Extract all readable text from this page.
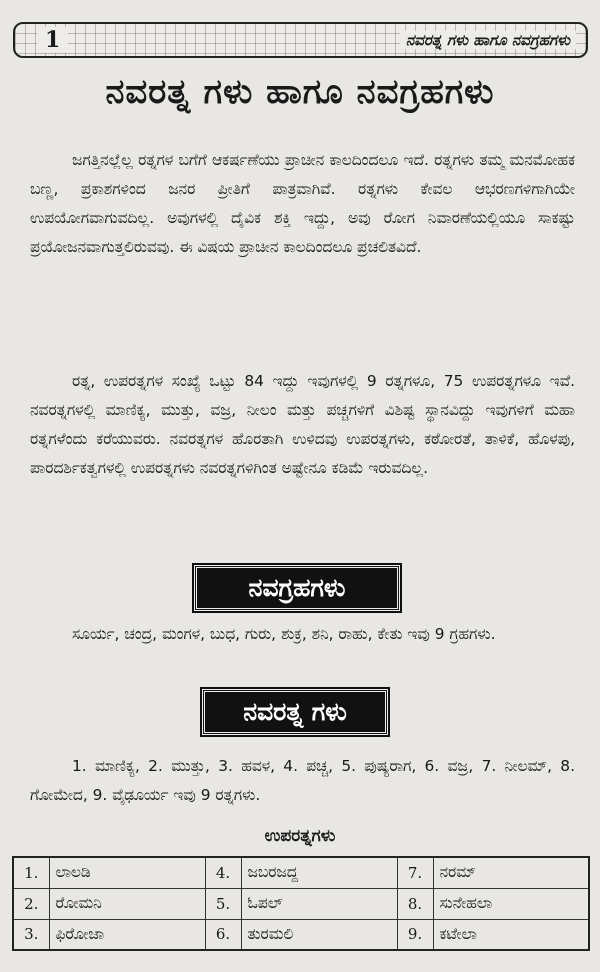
1	ನವರತ್ನ ಗಳು ಹಾಗೂ ನವಗ್ರಹಗಳು
ನವರತ್ನ ಗಳು ಹಾಗೂ ನವಗ್ರಹಗಳು

ಜಗತ್ತಿನಲ್ಲೆಲ್ಲ ರತ್ನಗಳ ಬಗೆಗೆ ಆಕರ್ಷಣೆಯು ಪ್ರಾಚೀನ ಕಾಲದಿಂದಲೂ ಇದೆ. ರತ್ನಗಳು ತಮ್ಮ ಮನಮೋಹಕ ಬಣ್ಣ, ಪ್ರಕಾಶಗಳಿಂದ ಜನರ ಪ್ರೀತಿಗೆ ಪಾತ್ರವಾಗಿವೆ. ರತ್ನಗಳು ಕೇವಲ ಆಭರಣಗಳಿಗಾಗಿಯೇ ಉಪಯೋಗವಾಗುವದಿಲ್ಲ. ಅವುಗಳಲ್ಲಿ ದೈವಿಕ ಶಕ್ತಿ ಇದ್ದು, ಅವು ರೋಗ ನಿವಾರಣೆಯಲ್ಲಿಯೂ ಸಾಕಷ್ಟು ಪ್ರಯೋಜನವಾಗುತ್ತಲಿರುವವು. ಈ ವಿಷಯ ಪ್ರಾಚೀನ ಕಾಲದಿಂದಲೂ ಪ್ರಚಲಿತವಿದೆ.

ರತ್ನ, ಉಪರತ್ನಗಳ ಸಂಖ್ಯೆ ಒಟ್ಟು 84 ಇದ್ದು ಇವುಗಳಲ್ಲಿ 9 ರತ್ನಗಳೂ, 75 ಉಪರತ್ನಗಳೂ ಇವೆ. ನವರತ್ನಗಳಲ್ಲಿ ಮಾಣಿಕ್ಯ, ಮುತ್ತು, ವಜ್ರ, ನೀಲಂ ಮತ್ತು ಪಚ್ಚಗಳಿಗೆ ವಿಶಿಷ್ಟ ಸ್ಥಾನವಿದ್ದು ಇವುಗಳಿಗೆ ಮಹಾ ರತ್ನಗಳೆಂದು ಕರೆಯುವರು. ನವರತ್ನಗಳ ಹೊರತಾಗಿ ಉಳಿದವು ಉಪರತ್ನಗಳು, ಕಠೋರತೆ, ತಾಳಿಕೆ, ಹೊಳಪು, ಪಾರದರ್ಶಿಕತ್ವಗಳಲ್ಲಿ ಉಪರತ್ನಗಳು ನವರತ್ನಗಳಿಗಿಂತ ಅಷ್ಟೇನೂ ಕಡಿಮೆ ಇರುವದಿಲ್ಲ.

ನವಗ್ರಹಗಳು

ಸೂರ್ಯ, ಚಂದ್ರ, ಮಂಗಳ, ಬುಧ, ಗುರು, ಶುಕ್ರ, ಶನಿ, ರಾಹು, ಕೇತು ಇವು 9 ಗ್ರಹಗಳು.

ನವರತ್ನ ಗಳು

1. ಮಾಣಿಕ್ಯ, 2. ಮುತ್ತು, 3. ಹವಳ, 4. ಪಚ್ಚ, 5. ಪುಷ್ಯರಾಗ, 6. ವಜ್ರ, 7. ನೀಲಮ್, 8. ಗೋಮೇದ, 9. ವೈಢೂರ್ಯ ಇವು 9 ರತ್ನಗಳು.

ಉಪರತ್ನಗಳು
1.	ಲಾಲಡಿ	4.	ಜಬರಜದ್ದ	7.	ನರಮ್
2.	ರೋಮನಿ	5.	ಓಪಲ್	8.	ಸುನೇಹಲಾ
3.	ಫಿರೋಜಾ	6.	ತುರಮಲಿ	9.	ಕಟೇಲಾ
